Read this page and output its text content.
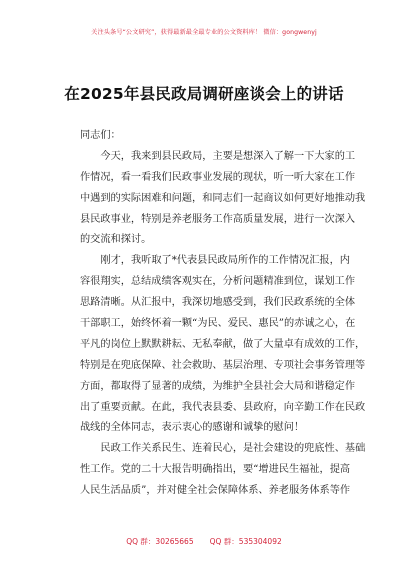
关注头条号“公文研究”，获得最新最全最专业的公文资料库！ 微信：gongwenyj
在2025年县民政局调研座谈会上的讲话
同志们：
今天，我来到县民政局，主要是想深入了解一下大家的工
作情况，看一看我们民政事业发展的现状，听一听大家在工作
中遇到的实际困难和问题，和同志们一起商议如何更好地推动我
县民政事业，特别是养老服务工作高质量发展，进行一次深入
的交流和探讨。
刚才，我听取了*代表县民政局所作的工作情况汇报，内
容很翔实，总结成绩客观实在，分析问题精准到位，谋划工作
思路清晰。从汇报中，我深切地感受到，我们民政系统的全体
干部职工，始终怀着一颗“为民、爱民、惠民”的赤诚之心，在
平凡的岗位上默默耕耘、无私奉献，做了大量卓有成效的工作，
特别是在兜底保障、社会救助、基层治理、专项社会事务管理等
方面，都取得了显著的成绩，为维护全县社会大局和谐稳定作
出了重要贡献。在此，我代表县委、县政府，向辛勤工作在民政
战线的全体同志，表示衷心的感谢和诚挚的慰问！
民政工作关系民生、连着民心，是社会建设的兜底性、基础
性工作。党的二十大报告明确指出，要“增进民生福祉，提高
人民生活品质”，并对健全社会保障体系、养老服务体系等作
QQ 群：30265665 QQ 群：535304092
